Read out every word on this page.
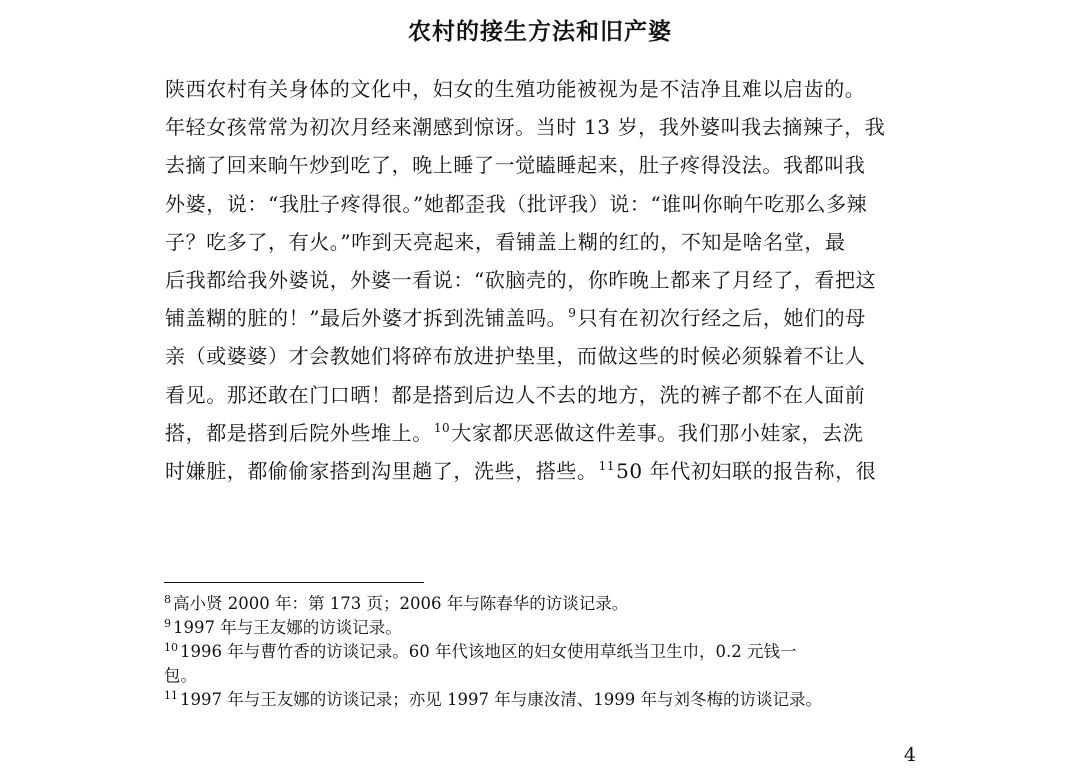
农村的接生方法和旧产婆
陕西农村有关身体的文化中，妇女的生殖功能被视为是不洁净且难以启齿的。
年轻女孩常常为初次月经来潮感到惊讶。当时 13 岁，我外婆叫我去摘辣子，我
去摘了回来晌午炒到吃了，晚上睡了一觉瞌睡起来，肚子疼得没法。我都叫我
外婆，说：“我肚子疼得很。”她都歪我（批评我）说：“谁叫你晌午吃那么多辣
子？吃多了，有火。”咋到天亮起来，看铺盖上糊的红的，不知是啥名堂，最
后我都给我外婆说，外婆一看说：“砍脑壳的，你昨晚上都来了月经了，看把这
铺盖糊的脏的！”最后外婆才拆到洗铺盖吗。$^9$只有在初次行经之后，她们的母
亲（或婆婆）才会教她们将碎布放进护垫里，而做这些的时候必须躲着不让人
看见。那还敢在门口晒！都是搭到后边人不去的地方，洗的裤子都不在人面前
搭，都是搭到后院外些堆上。$^{10}$大家都厌恶做这件差事。我们那小娃家，去洗
时嫌脏，都偷偷家搭到沟里趟了，洗些，搭些。$^{11}$50 年代初妇联的报告称，很
$^8$ 高小贤 2000 年：第 173 页；2006 年与陈春华的访谈记录。
$^9$ 1997 年与王友娜的访谈记录。
$^{10}$ 1996 年与曹竹香的访谈记录。60 年代该地区的妇女使用草纸当卫生巾，0.2 元钱一
包。
$^{11}$ 1997 年与王友娜的访谈记录；亦见 1997 年与康汝清、1999 年与刘冬梅的访谈记录。
4
